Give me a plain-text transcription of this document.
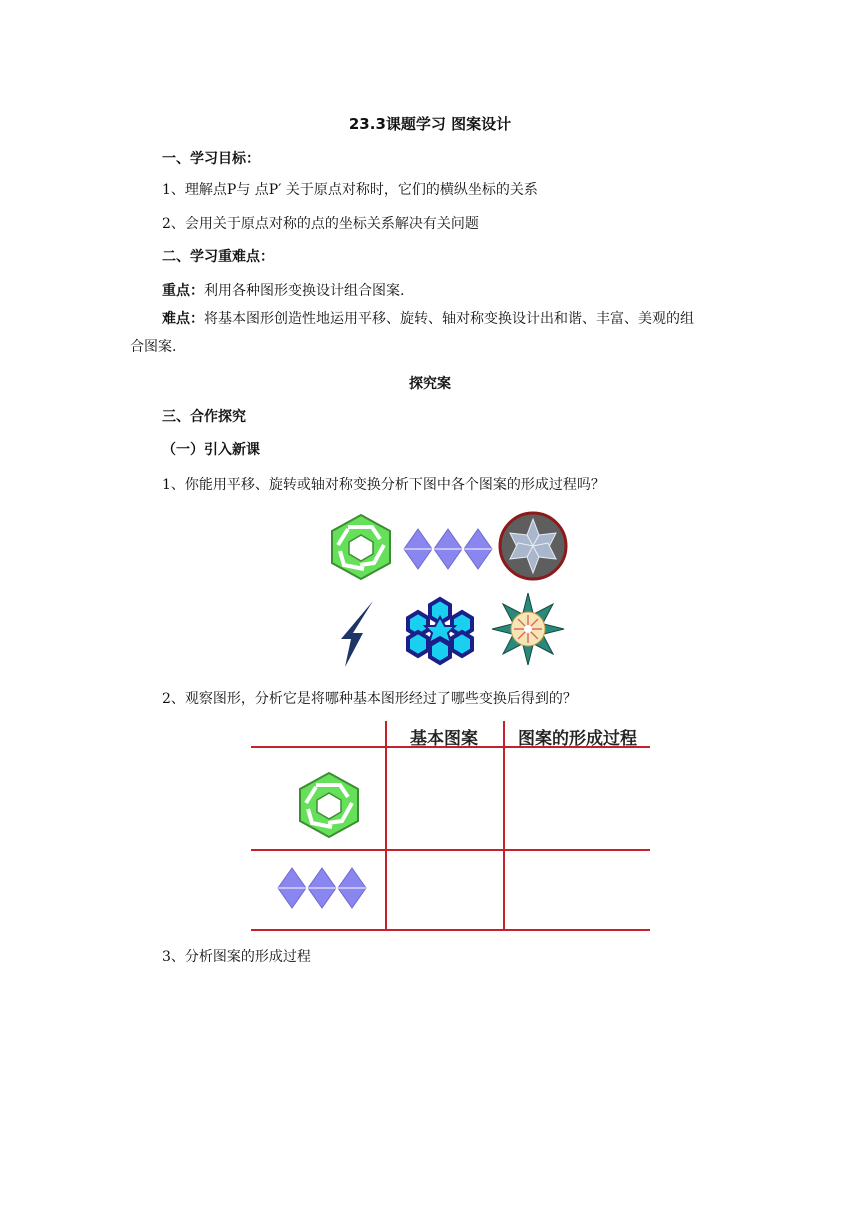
23.3课题学习 图案设计
一、学习目标：
1、理解点P与 点P′ 关于原点对称时，它们的横纵坐标的关系
2、会用关于原点对称的点的坐标关系解决有关问题
二、学习重难点：
重点：利用各种图形变换设计组合图案.
难点：将基本图形创造性地运用平移、旋转、轴对称变换设计出和谐、丰富、美观的组
合图案.
探究案
三、合作探究
（一）引入新课
1、你能用平移、旋转或轴对称变换分析下图中各个图案的形成过程吗？
2、观察图形，分析它是将哪种基本图形经过了哪些变换后得到的？
基本图案 图案的形成过程
3、分析图案的形成过程
